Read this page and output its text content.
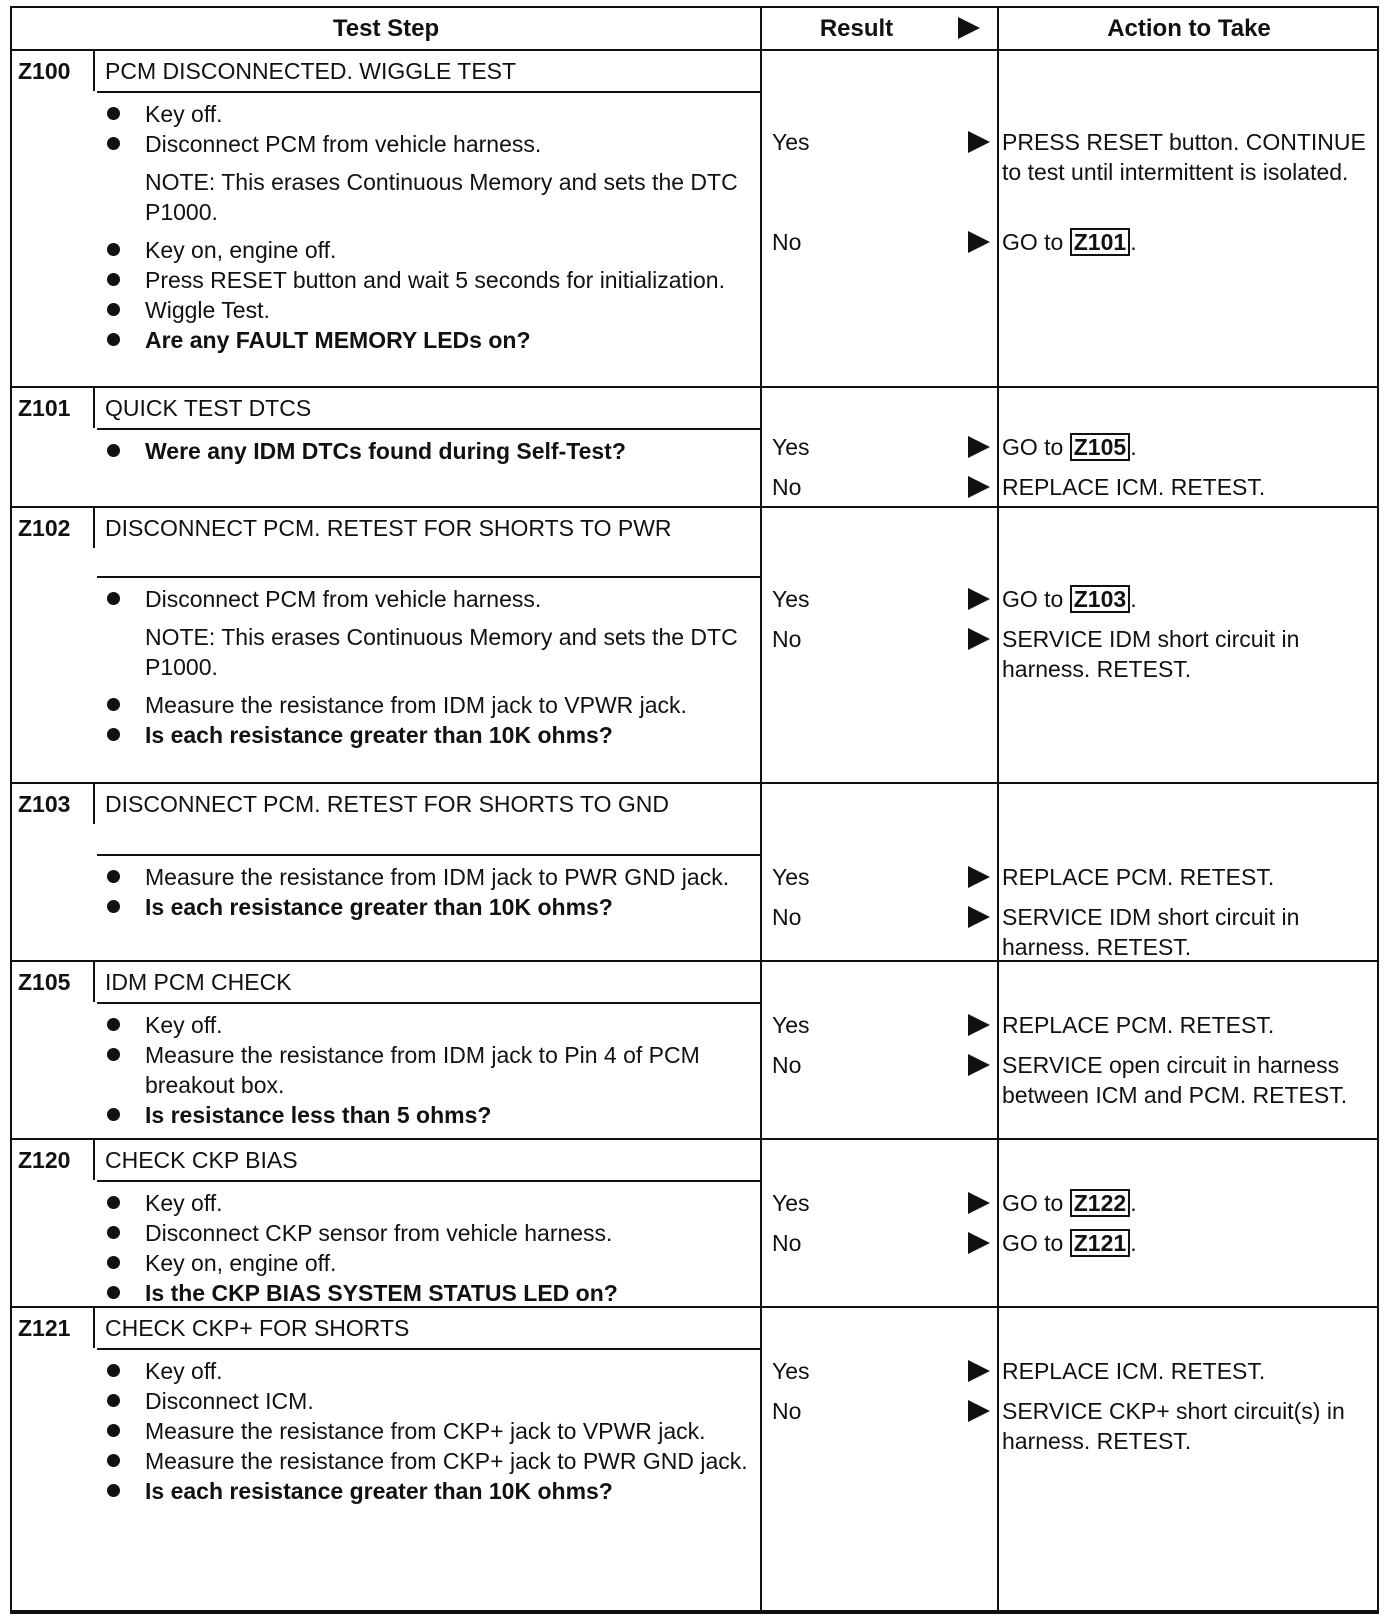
Test Step	Result	Action to Take
Z100	PCM DISCONNECTED. WIGGLE TEST
Key off.
Disconnect PCM from vehicle harness.
NOTE: This erases Continuous Memory and sets the DTC P1000.
Key on, engine off.
Press RESET button and wait 5 seconds for initialization.
Wiggle Test.
Are any FAULT MEMORY LEDs on?
Yes	PRESS RESET button. CONTINUE to test until intermittent is isolated.
No	GO to Z101 .
Z101	QUICK TEST DTCS
Were any IDM DTCs found during Self-Test?	Yes	GO to Z105 .
No	REPLACE ICM. RETEST.
Z102	DISCONNECT PCM. RETEST FOR SHORTS TO PWR
Disconnect PCM from vehicle harness.
NOTE: This erases Continuous Memory and sets the DTC P1000.
Measure the resistance from IDM jack to VPWR jack.
Is each resistance greater than 10K ohms?
Yes	GO to Z103 .
No	SERVICE IDM short circuit in harness. RETEST.
Z103	DISCONNECT PCM. RETEST FOR SHORTS TO GND
Measure the resistance from IDM jack to PWR GND jack.
Is each resistance greater than 10K ohms?
Yes	REPLACE PCM. RETEST.
No	SERVICE IDM short circuit in harness. RETEST.
Z105	IDM PCM CHECK
Key off.
Measure the resistance from IDM jack to Pin 4 of PCM breakout box.
Is resistance less than 5 ohms?
Yes	REPLACE PCM. RETEST.
No	SERVICE open circuit in harness between ICM and PCM. RETEST.
Z120	CHECK CKP BIAS
Key off.
Disconnect CKP sensor from vehicle harness.
Key on, engine off.
Is the CKP BIAS SYSTEM STATUS LED on?
Yes	GO to Z122 .
No	GO to Z121 .
Z121	CHECK CKP+ FOR SHORTS
Key off.
Disconnect ICM.
Measure the resistance from CKP+ jack to VPWR jack.
Measure the resistance from CKP+ jack to PWR GND jack.
Is each resistance greater than 10K ohms?
Yes	REPLACE ICM. RETEST.
No	SERVICE CKP+ short circuit(s) in harness. RETEST.
